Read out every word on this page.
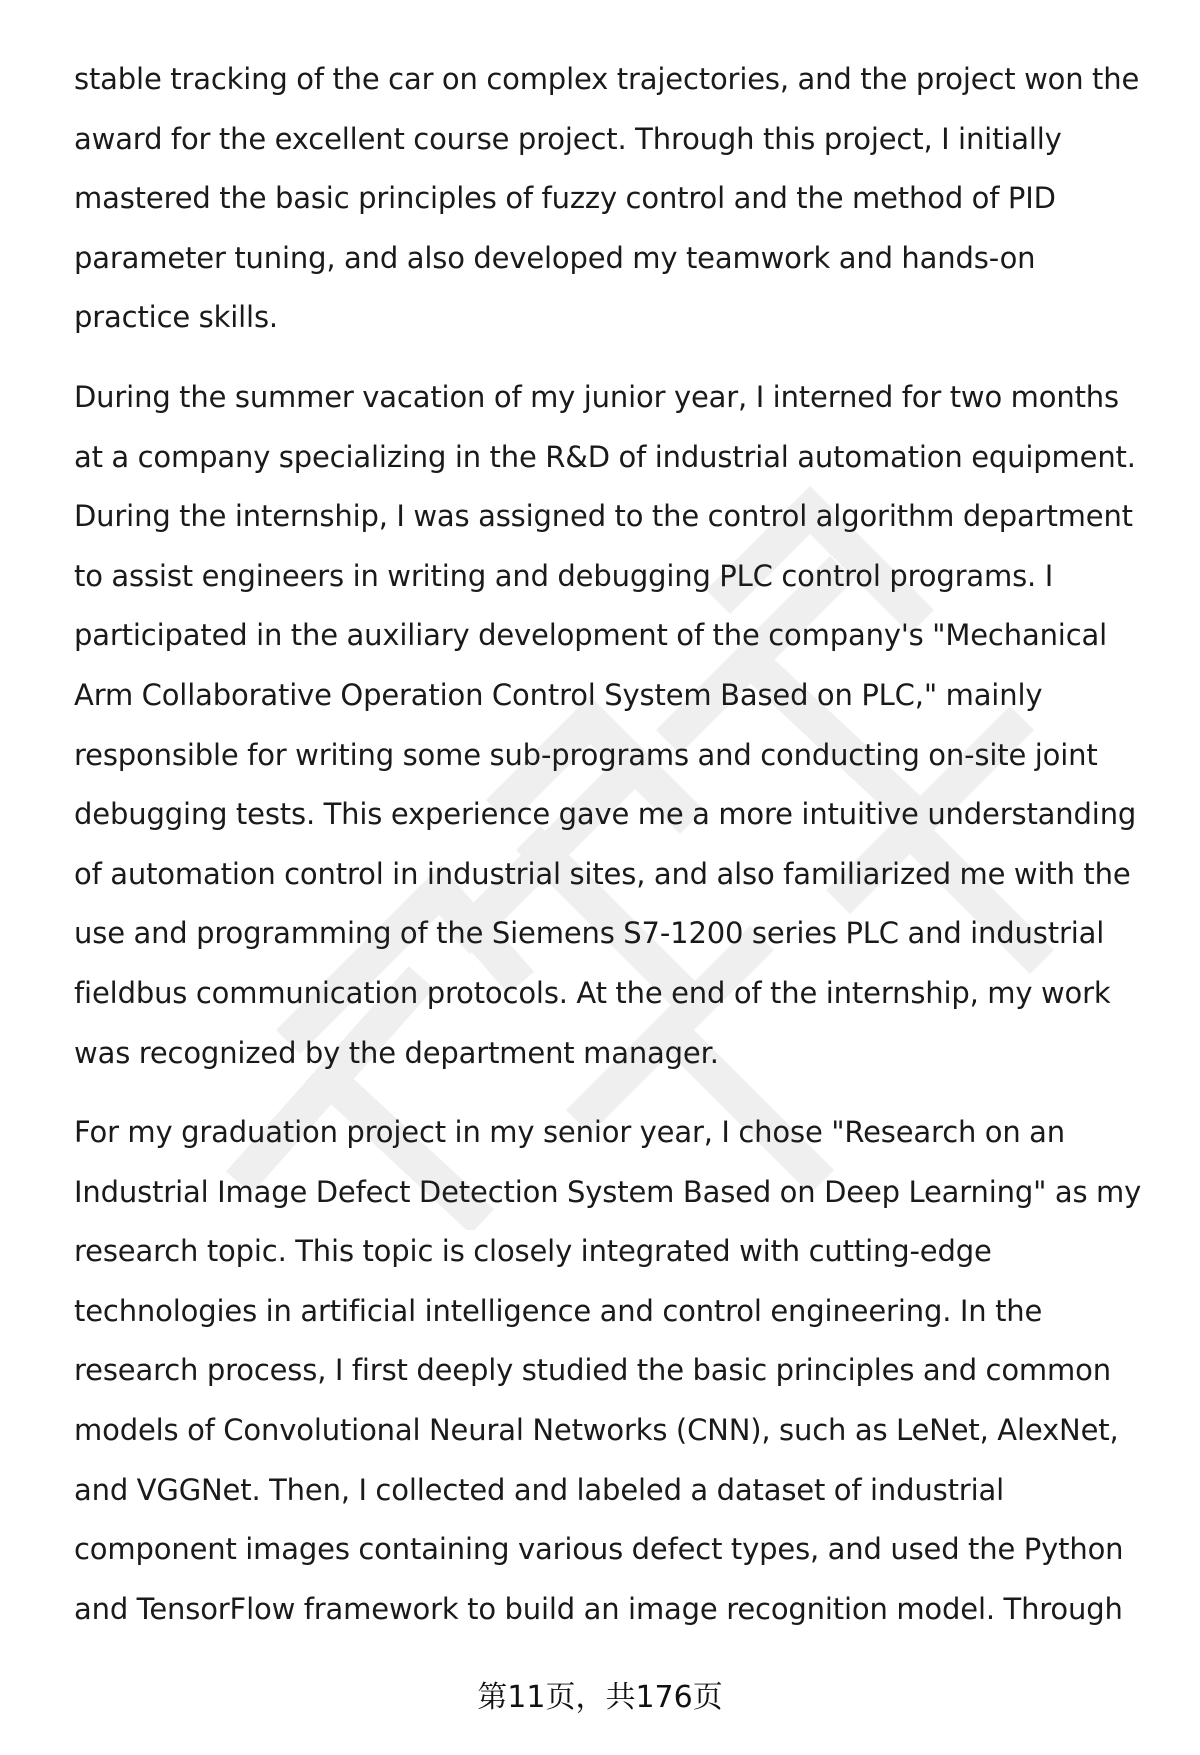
stable tracking of the car on complex trajectories, and the project won the award for the excellent course project. Through this project, I initially mastered the basic principles of fuzzy control and the method of PID parameter tuning, and also developed my teamwork and hands-on practice skills.

During the summer vacation of my junior year, I interned for two months at a company specializing in the R&D of industrial automation equipment. During the internship, I was assigned to the control algorithm department to assist engineers in writing and debugging PLC control programs. I participated in the auxiliary development of the company's "Mechanical Arm Collaborative Operation Control System Based on PLC," mainly responsible for writing some sub-programs and conducting on-site joint debugging tests. This experience gave me a more intuitive understanding of automation control in industrial sites, and also familiarized me with the use and programming of the Siemens S7-1200 series PLC and industrial fieldbus communication protocols. At the end of the internship, my work was recognized by the department manager.

For my graduation project in my senior year, I chose "Research on an Industrial Image Defect Detection System Based on Deep Learning" as my research topic. This topic is closely integrated with cutting-edge technologies in artificial intelligence and control engineering. In the research process, I first deeply studied the basic principles and common models of Convolutional Neural Networks (CNN), such as LeNet, AlexNet, and VGGNet. Then, I collected and labeled a dataset of industrial component images containing various defect types, and used the Python and TensorFlow framework to build an image recognition model. Through

第11页，共176页
